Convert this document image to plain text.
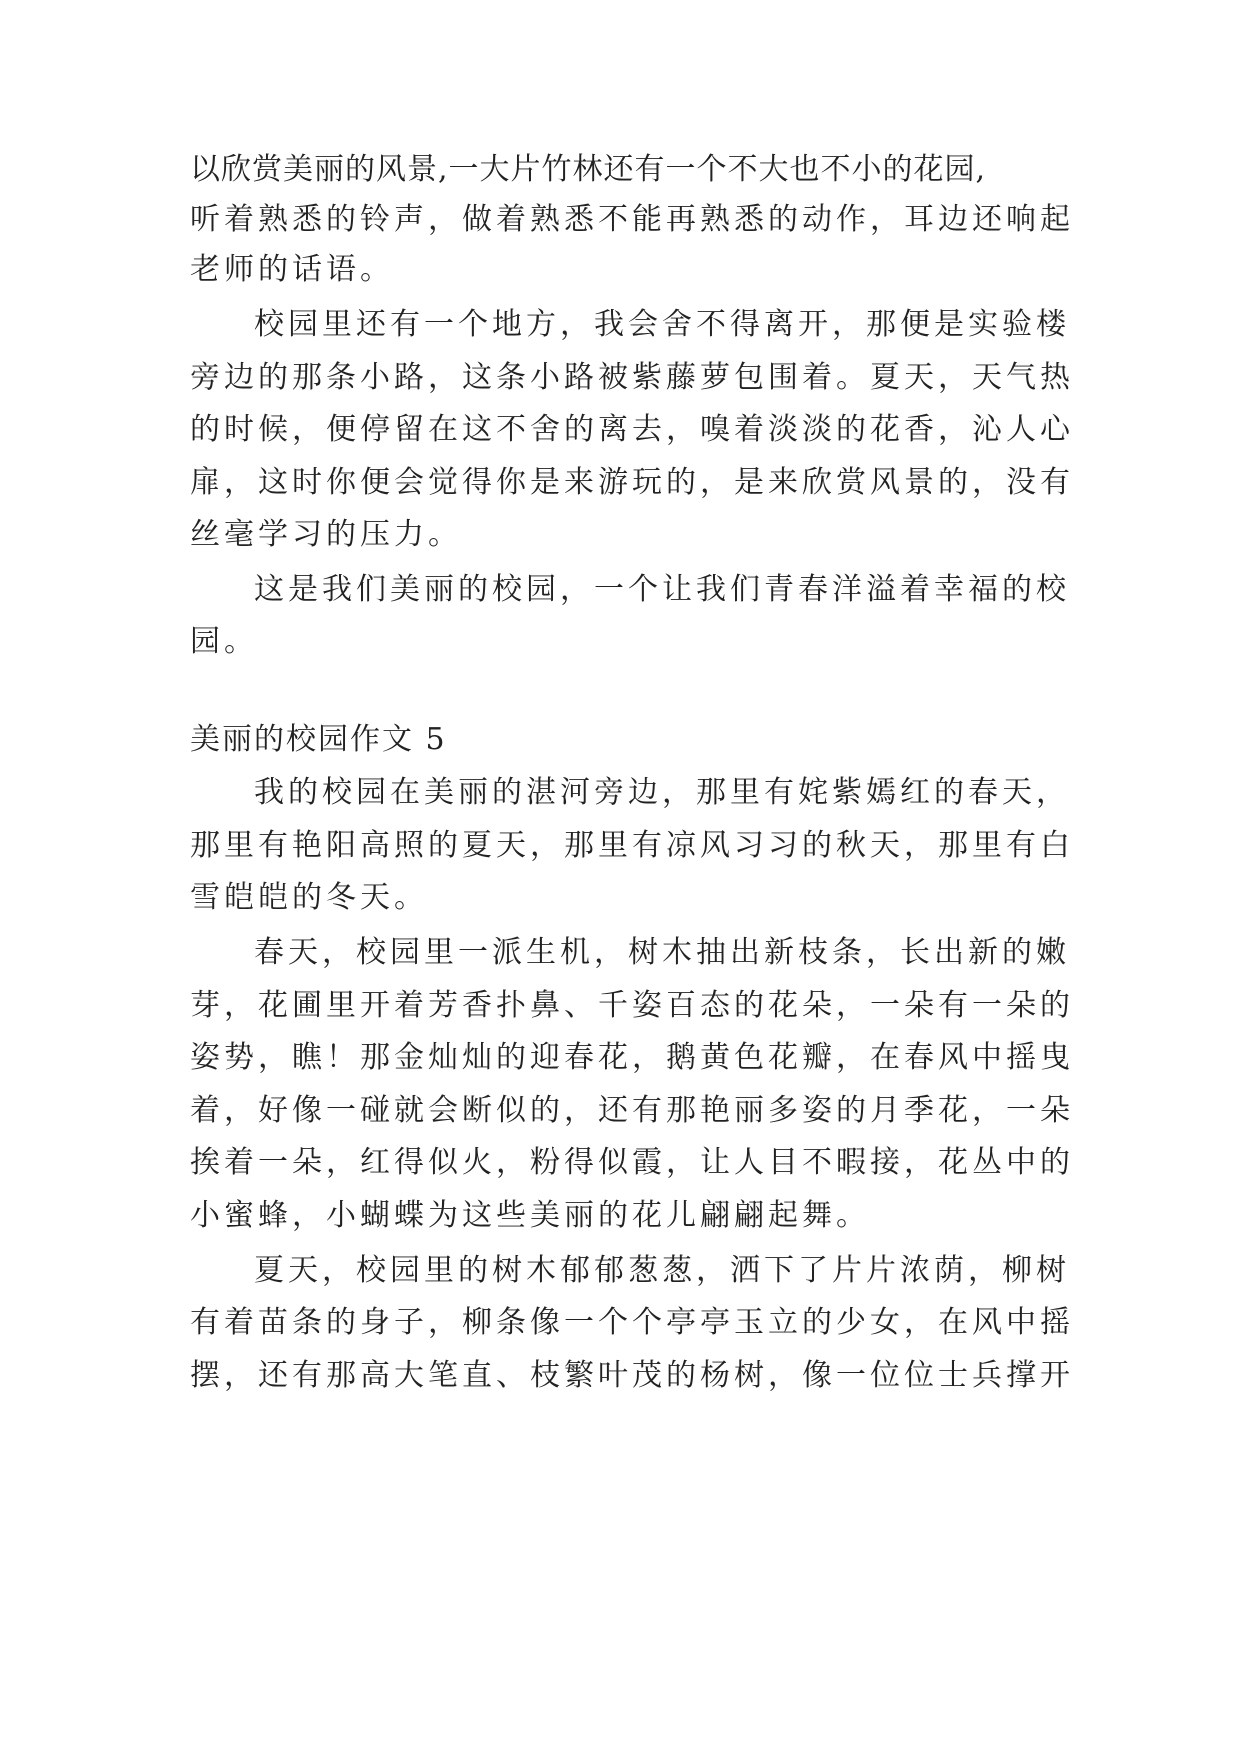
以欣赏美丽的风景,一大片竹林还有一个不大也不小的花园,

听着熟悉的铃声，做着熟悉不能再熟悉的动作，耳边还响起

老师的话语。

校园里还有一个地方，我会舍不得离开，那便是实验楼

旁边的那条小路，这条小路被紫藤萝包围着。夏天，天气热

的时候，便停留在这不舍的离去，嗅着淡淡的花香，沁人心

扉，这时你便会觉得你是来游玩的，是来欣赏风景的，没有

丝毫学习的压力。

这是我们美丽的校园，一个让我们青春洋溢着幸福的校

园。

美丽的校园作文 5

我的校园在美丽的湛河旁边，那里有姹紫嫣红的春天，

那里有艳阳高照的夏天，那里有凉风习习的秋天，那里有白

雪皑皑的冬天。

春天，校园里一派生机，树木抽出新枝条，长出新的嫩

芽，花圃里开着芳香扑鼻、千姿百态的花朵，一朵有一朵的

姿势，瞧！那金灿灿的迎春花，鹅黄色花瓣，在春风中摇曳

着，好像一碰就会断似的，还有那艳丽多姿的月季花，一朵

挨着一朵，红得似火，粉得似霞，让人目不暇接，花丛中的

小蜜蜂，小蝴蝶为这些美丽的花儿翩翩起舞。

夏天，校园里的树木郁郁葱葱，洒下了片片浓荫，柳树

有着苗条的身子，柳条像一个个亭亭玉立的少女，在风中摇

摆，还有那高大笔直、枝繁叶茂的杨树，像一位位士兵撑开
